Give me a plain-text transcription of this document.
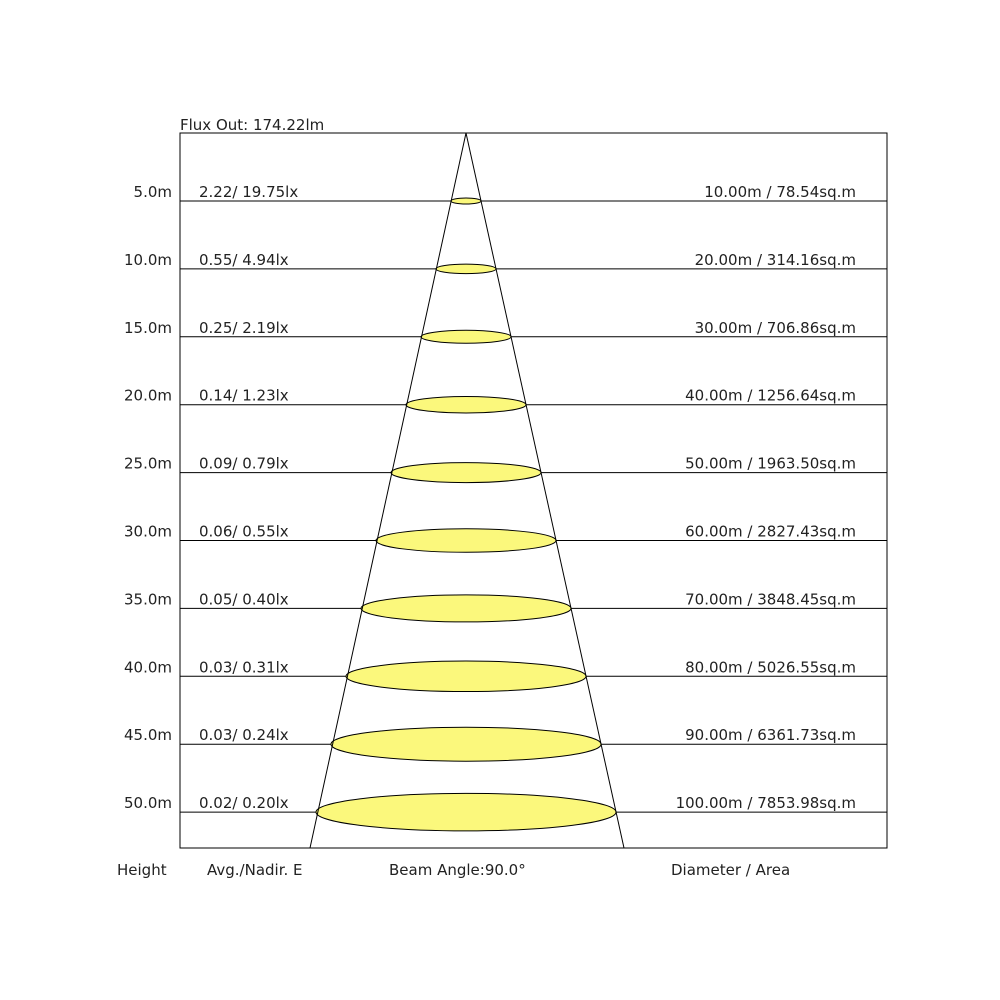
Flux Out: 174.22lm
5.0m 2.22/ 19.75lx	10.00m / 78.54sq.m
10.0m 0.55/ 4.94lx	20.00m / 314.16sq.m
15.0m 0.25/ 2.19lx	30.00m / 706.86sq.m
20.0m 0.14/ 1.23lx	40.00m / 1256.64sq.m
25.0m 0.09/ 0.79lx	50.00m / 1963.50sq.m
30.0m 0.06/ 0.55lx	60.00m / 2827.43sq.m
35.0m 0.05/ 0.40lx	70.00m / 3848.45sq.m
40.0m 0.03/ 0.31lx	80.00m / 5026.55sq.m
45.0m 0.03/ 0.24lx	90.00m / 6361.73sq.m
50.0m 0.02/ 0.20lx	100.00m / 7853.98sq.m
Height	Avg./Nadir. E	Beam Angle:90.0°	Diameter / Area
